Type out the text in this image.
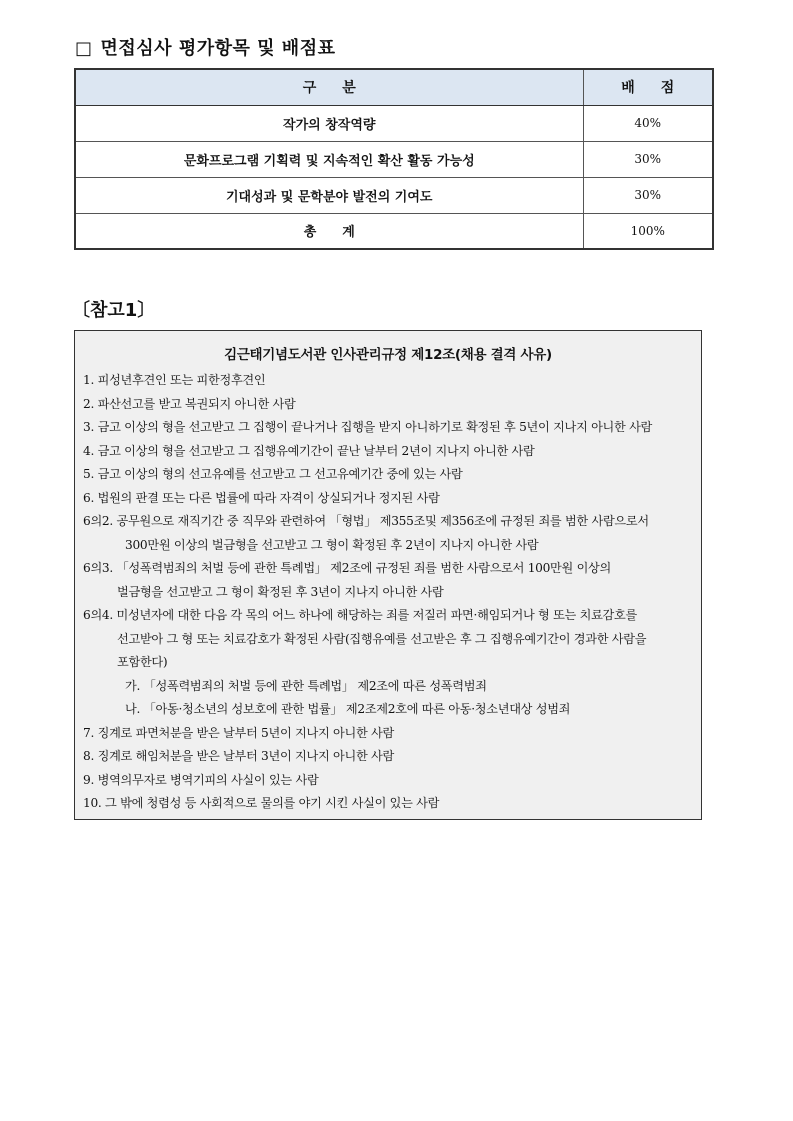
□ 면접심사 평가항목 및 배점표
구분	배점
작가의 창작역량	40%
문화프로그램 기획력 및 지속적인 확산 활동 가능성	30%
기대성과 및 문학분야 발전의 기여도	30%
총계	100%
〔참고1〕
김근태기념도서관 인사관리규정 제12조(채용 결격 사유)
1. 피성년후견인 또는 피한정후견인
2. 파산선고를 받고 복권되지 아니한 사람
3. 금고 이상의 형을 선고받고 그 집행이 끝나거나 집행을 받지 아니하기로 확정된 후 5년이 지나지 아니한 사람
4. 금고 이상의 형을 선고받고 그 집행유예기간이 끝난 날부터 2년이 지나지 아니한 사람
5. 금고 이상의 형의 선고유예를 선고받고 그 선고유예기간 중에 있는 사람
6. 법원의 판결 또는 다른 법률에 따라 자격이 상실되거나 정지된 사람
6의2. 공무원으로 재직기간 중 직무와 관련하여 「형법」 제355조및 제356조에 규정된 죄를 범한 사람으로서
300만원 이상의 벌금형을 선고받고 그 형이 확정된 후 2년이 지나지 아니한 사람
6의3. 「성폭력범죄의 처벌 등에 관한 특례법」 제2조에 규정된 죄를 범한 사람으로서 100만원 이상의
벌금형을 선고받고 그 형이 확정된 후 3년이 지나지 아니한 사람
6의4. 미성년자에 대한 다음 각 목의 어느 하나에 해당하는 죄를 저질러 파면·해임되거나 형 또는 치료감호를
선고받아 그 형 또는 치료감호가 확정된 사람(집행유예를 선고받은 후 그 집행유예기간이 경과한 사람을
포함한다)
가. 「성폭력범죄의 처벌 등에 관한 특례법」 제2조에 따른 성폭력범죄
나. 「아동·청소년의 성보호에 관한 법률」 제2조제2호에 따른 아동·청소년대상 성범죄
7. 징계로 파면처분을 받은 날부터 5년이 지나지 아니한 사람
8. 징계로 해임처분을 받은 날부터 3년이 지나지 아니한 사람
9. 병역의무자로 병역기피의 사실이 있는 사람
10. 그 밖에 청렴성 등 사회적으로 물의를 야기 시킨 사실이 있는 사람
